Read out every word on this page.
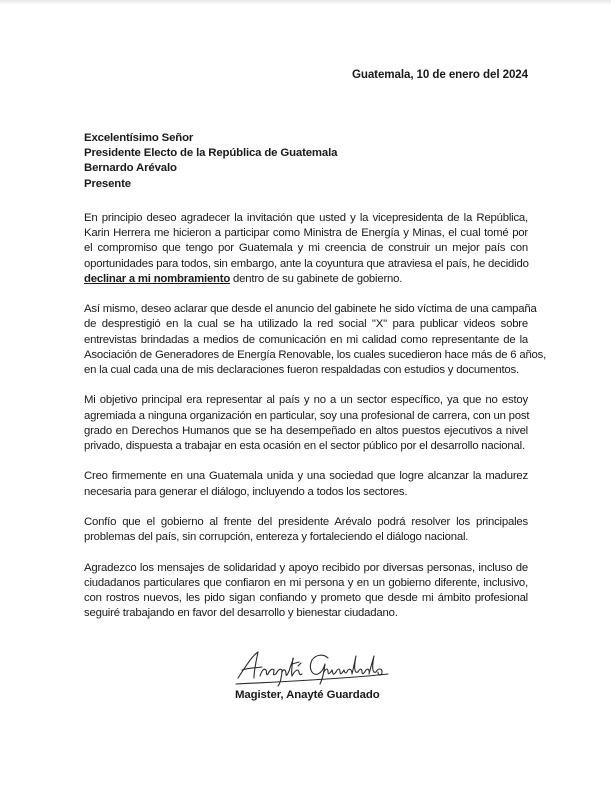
Guatemala, 10 de enero del 2024
Excelentísimo Señor
Presidente Electo de la República de Guatemala
Bernardo Arévalo
Presente
En principio deseo agradecer la invitación que usted y la vicepresidenta de la República,
Karin Herrera me hicieron a participar como Ministra de Energía y Minas, el cual tomé por
el compromiso que tengo por Guatemala y mi creencia de construir un mejor país con
oportunidades para todos, sin embargo, ante la coyuntura que atraviesa el país, he decidido
declinar a mi nombramiento dentro de su gabinete de gobierno.
Así mismo, deseo aclarar que desde el anuncio del gabinete he sido víctima de una campaña
de desprestigió en la cual se ha utilizado la red social "X" para publicar videos sobre
entrevistas brindadas a medios de comunicación en mi calidad como representante de la
Asociación de Generadores de Energía Renovable, los cuales sucedieron hace más de 6 años,
en la cual cada una de mis declaraciones fueron respaldadas con estudios y documentos.
Mi objetivo principal era representar al país y no a un sector específico, ya que no estoy
agremiada a ninguna organización en particular, soy una profesional de carrera, con un post
grado en Derechos Humanos que se ha desempeñado en altos puestos ejecutivos a nivel
privado, dispuesta a trabajar en esta ocasión en el sector público por el desarrollo nacional.
Creo firmemente en una Guatemala unida y una sociedad que logre alcanzar la madurez
necesaria para generar el diálogo, incluyendo a todos los sectores.
Confío que el gobierno al frente del presidente Arévalo podrá resolver los principales
problemas del país, sin corrupción, entereza y fortaleciendo el diálogo nacional.
Agradezco los mensajes de solidaridad y apoyo recibido por diversas personas, incluso de
ciudadanos particulares que confiaron en mi persona y en un gobierno diferente, inclusivo,
con rostros nuevos, les pido sigan confiando y prometo que desde mi ámbito profesional
seguiré trabajando en favor del desarrollo y bienestar ciudadano.
Magister, Anayté Guardado
